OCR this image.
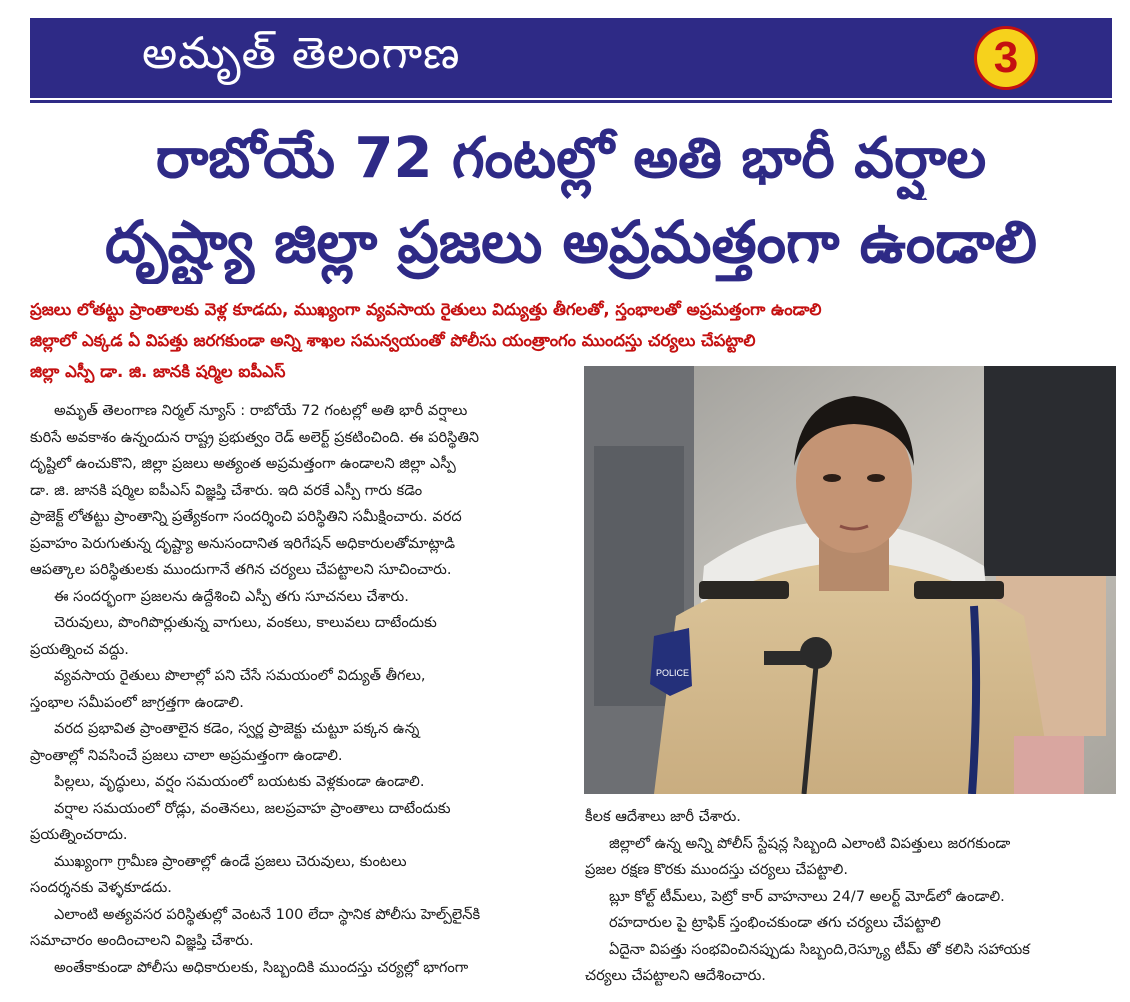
అమృత్ తెలంగాణ	3
రాబోయే 72 గంటల్లో అతి భారీ వర్షాల
దృష్ట్యా జిల్లా ప్రజలు అప్రమత్తంగా ఉండాలి
ప్రజలు లోతట్టు ప్రాంతాలకు వెళ్ల కూడదు, ముఖ్యంగా వ్యవసాయ రైతులు విద్యుత్తు తీగలతో, స్తంభాలతో అప్రమత్తంగా ఉండాలి
జిల్లాలో ఎక్కడ ఏ విపత్తు జరగకుండా అన్ని శాఖల సమన్వయంతో పోలీసు యంత్రాంగం ముందస్తు చర్యలు చేపట్టాలి
జిల్లా ఎస్పీ డా. జి. జానకి షర్మిల ఐపీఎస్
POLICE

అమృత్ తెలంగాణ నిర్మల్ న్యూస్ : రాబోయే 72 గంటల్లో అతి భారీ వర్షాలు

కురిసే అవకాశం ఉన్నందున రాష్ట్ర ప్రభుత్వం రెడ్ అలెర్ట్ ప్రకటించింది. ఈ పరిస్థితిని

దృష్టిలో ఉంచుకొని, జిల్లా ప్రజలు అత్యంత అప్రమత్తంగా ఉండాలని జిల్లా ఎస్పీ

డా. జి. జానకి షర్మిల ఐపీఎస్ విజ్ఞప్తి చేశారు. ఇది వరకే ఎస్పీ గారు కడెం

ప్రాజెక్ట్ లోతట్టు ప్రాంతాన్ని ప్రత్యేకంగా సందర్శించి పరిస్థితిని సమీక్షించారు. వరద

ప్రవాహం పెరుగుతున్న దృష్ట్యా అనుసందానిత ఇరిగేషన్ అధికారులతోమాట్లాడి

ఆపత్కాల పరిస్థితులకు ముందుగానే తగిన చర్యలు చేపట్టాలని సూచించారు.

ఈ సందర్భంగా ప్రజలను ఉద్దేశించి ఎస్పీ తగు సూచనలు చేశారు.

చెరువులు, పొంగిపొర్లుతున్న వాగులు, వంకలు, కాలువలు దాటేందుకు

ప్రయత్నించ వద్దు.

వ్యవసాయ రైతులు పొలాల్లో పని చేసే సమయంలో విద్యుత్ తీగలు,

స్తంభాల సమీపంలో జాగ్రత్తగా ఉండాలి.

వరద ప్రభావిత ప్రాంతాలైన కడెం, స్వర్ణ ప్రాజెక్టు చుట్టూ పక్కన ఉన్న

ప్రాంతాల్లో నివసించే ప్రజలు చాలా అప్రమత్తంగా ఉండాలి.

పిల్లలు, వృద్ధులు, వర్షం సమయంలో బయటకు వెళ్లకుండా ఉండాలి.

వర్షాల సమయంలో రోడ్లు, వంతెనలు, జలప్రవాహ ప్రాంతాలు దాటేందుకు

ప్రయత్నించరాదు.

ముఖ్యంగా గ్రామీణ ప్రాంతాల్లో ఉండే ప్రజలు చెరువులు, కుంటలు

సందర్శనకు వెళ్ళకూడదు.

ఎలాంటి అత్యవసర పరిస్థితుల్లో వెంటనే 100 లేదా స్థానిక పోలీసు హెల్ప్‌లైన్‌కి

సమాచారం అందించాలని విజ్ఞప్తి చేశారు.

అంతేకాకుండా పోలీసు అధికారులకు, సిబ్బందికి ముందస్తు చర్యల్లో భాగంగా

కీలక ఆదేశాలు జారీ చేశారు.

జిల్లాలో ఉన్న అన్ని పోలీస్ స్టేషన్ల సిబ్బంది ఎలాంటి విపత్తులు జరగకుండా

ప్రజల రక్షణ కొరకు ముందస్తు చర్యలు చేపట్టాలి.

బ్లూ కోల్ట్ టీమ్‌లు, పెట్రో కార్ వాహనాలు 24/7 అలర్ట్ మోడ్‌లో ఉండాలి.

రహదారుల పై ట్రాఫిక్ స్తంభించకుండా తగు చర్యలు చేపట్టాలి

ఏదైనా విపత్తు సంభవించినప్పుడు సిబ్బంది,రెస్క్యూ టీమ్ తో కలిసి సహాయక

చర్యలు చేపట్టాలని ఆదేశించారు.
